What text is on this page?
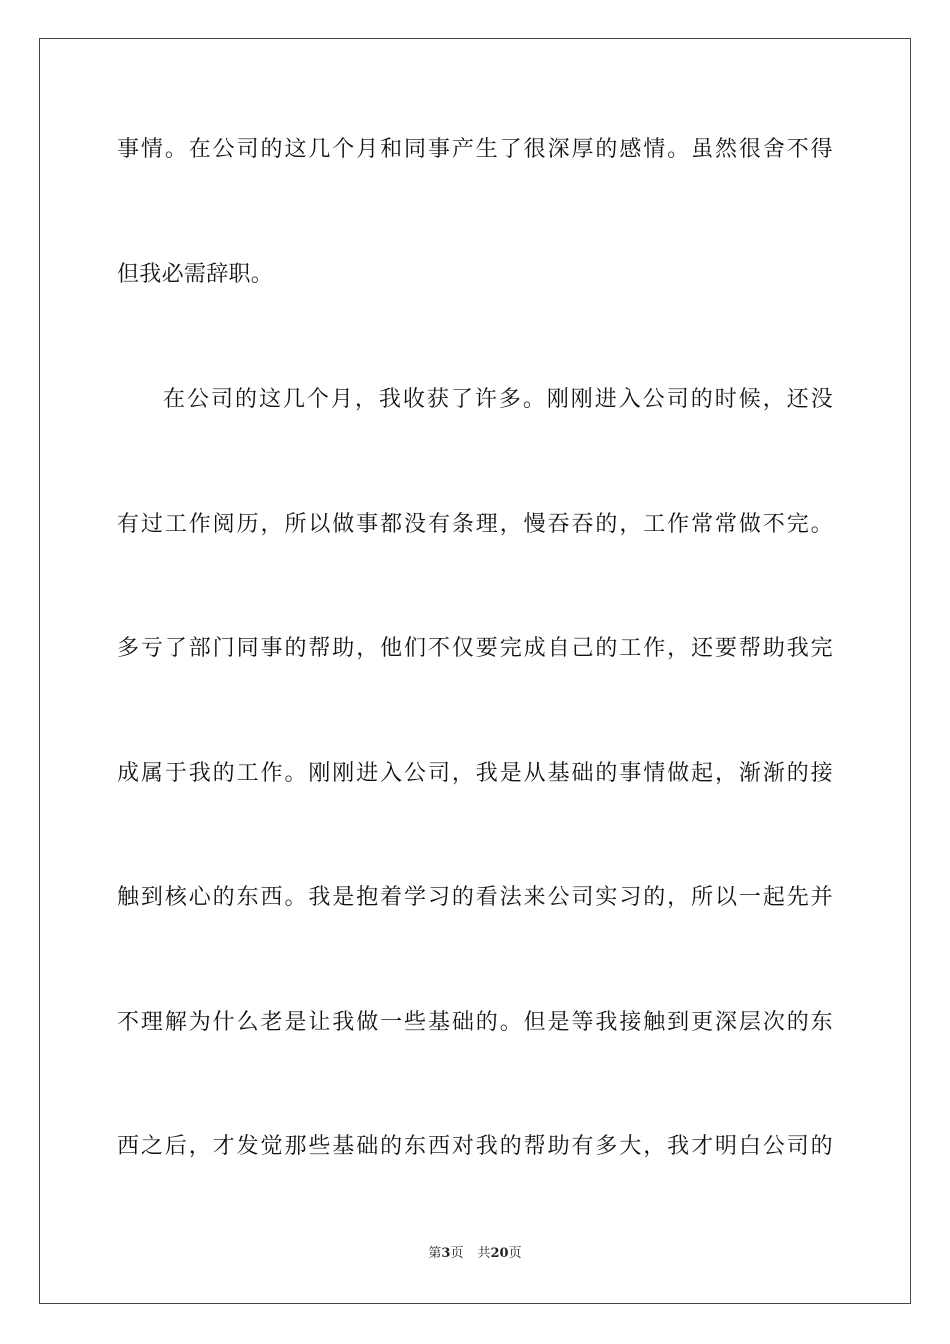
事情。在公司的这几个月和同事产生了很深厚的感情。虽然很舍不得
但我必需辞职。
在公司的这几个月，我收获了许多。刚刚进入公司的时候，还没
有过工作阅历，所以做事都没有条理，慢吞吞的，工作常常做不完。
多亏了部门同事的帮助，他们不仅要完成自己的工作，还要帮助我完
成属于我的工作。刚刚进入公司，我是从基础的事情做起，渐渐的接
触到核心的东西。我是抱着学习的看法来公司实习的，所以一起先并
不理解为什么老是让我做一些基础的。但是等我接触到更深层次的东
西之后，才发觉那些基础的东西对我的帮助有多大，我才明白公司的
第3页 共20页
